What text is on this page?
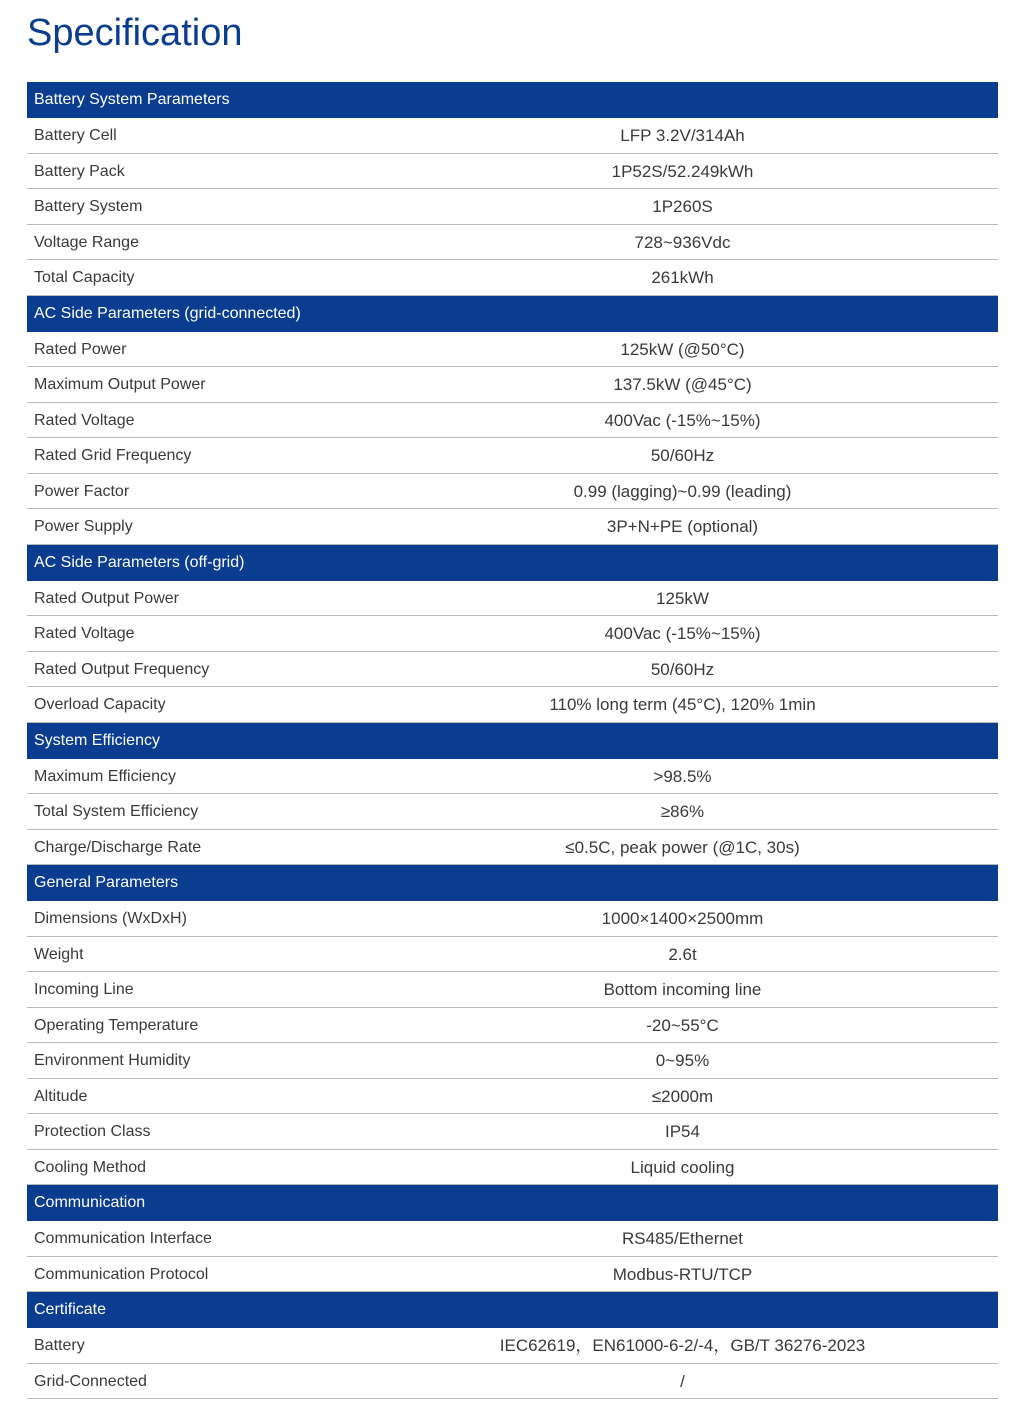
Specification
Battery System Parameters
Battery Cell	LFP 3.2V/314Ah
Battery Pack	1P52S/52.249kWh
Battery System	1P260S
Voltage Range	728~936Vdc
Total Capacity	261kWh
AC Side Parameters (grid-connected)
Rated Power	125kW (@50°C)
Maximum Output Power	137.5kW (@45°C)
Rated Voltage	400Vac (-15%~15%)
Rated Grid Frequency	50/60Hz
Power Factor	0.99 (lagging)~0.99 (leading)
Power Supply	3P+N+PE (optional)
AC Side Parameters (off-grid)
Rated Output Power	125kW
Rated Voltage	400Vac (-15%~15%)
Rated Output Frequency	50/60Hz
Overload Capacity	110% long term (45°C), 120% 1min
System Efficiency
Maximum Efficiency	>98.5%
Total System Efficiency	≥86%
Charge/Discharge Rate	≤0.5C, peak power (@1C, 30s)
General Parameters
Dimensions (WxDxH)	1000×1400×2500mm
Weight	2.6t
Incoming Line	Bottom incoming line
Operating Temperature	-20~55°C
Environment Humidity	0~95%
Altitude	≤2000m
Protection Class	IP54
Cooling Method	Liquid cooling
Communication
Communication Interface	RS485/Ethernet
Communication Protocol	Modbus-RTU/TCP
Certificate
Battery	IEC62619，EN61000-6-2/-4，GB/T 36276-2023
Grid-Connected	/
